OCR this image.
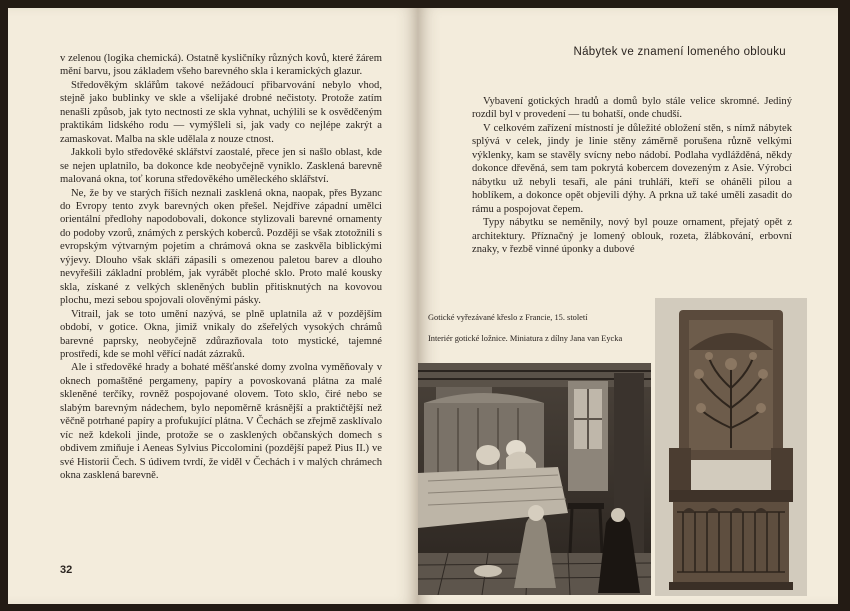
v zelenou (logika chemická). Ostatně kysličníky různých kovů, které žárem mění barvu, jsou základem všeho barevného skla i keramických glazur.

Středověkým sklářům takové nežádoucí přibarvování nebylo vhod, stejně jako bublinky ve skle a všelijaké drobné nečistoty. Protože zatím nenašli způsob, jak tyto nectnosti ze skla vyhnat, uchýlili se k osvědčeným praktikám lidského rodu — vymýšleli si, jak vady co nejlépe zakrýt a zamaskovat. Malba na skle udělala z nouze ctnost.

Jakkoli bylo středověké sklářství zaostalé, přece jen si našlo oblast, kde se nejen uplatnilo, ba dokonce kde neobyčejně vyniklo. Zasklená barevně malovaná okna, toť koruna středověkého uměleckého sklářství.

Ne, že by ve starých říších neznali zasklená okna, naopak, přes Byzanc do Evropy tento zvyk barevných oken přešel. Nejdříve západní umělci orientální předlohy napodobovali, dokonce stylizovali barevné ornamenty do podoby vzorů, známých z perských koberců. Později se však ztotožnili s evropským výtvarným pojetím a chrámová okna se zaskvěla biblickými výjevy. Dlouho však skláři zápasili s omezenou paletou barev a dlouho nevyřešili základní problém, jak vyrábět ploché sklo. Proto malé kousky skla, získané z velkých skleněných bublin přitisknutých na kovovou plochu, mezi sebou spojovali olověnými pásky.

Vitrail, jak se toto umění nazývá, se plně uplatnila až v pozdějším období, v gotice. Okna, jimiž vnikaly do zšeřelých vysokých chrámů barevné paprsky, neobyčejně zdůrazňovala toto mystické, tajemné prostředí, kde se mohl věřící nadát zázraků.

Ale i středověké hrady a bohaté měšťanské domy zvolna vyměňovaly v oknech pomaštěné pergameny, papíry a povoskovaná plátna za malé skleněné terčíky, rovněž pospojované olovem. Toto sklo, čiré nebo se slabým barevným nádechem, bylo nepoměrně krásnější a praktičtější než věčně potrhané papíry a profukující plátna. V Čechách se zřejmě zasklívalo víc než kdekoli jinde, protože se o zasklených občanských domech s obdivem zmiňuje i Aeneas Sylvius Piccolomini (pozdější papež Pius II.) ve své Historii Čech. S údivem tvrdí, že viděl v Čechách i v malých chrámech okna zasklená barevně.

32
Nábytek ve znamení lomeného oblouku

Vybavení gotických hradů a domů bylo stále velice skromné. Jediný rozdíl byl v provedení — tu bohatší, onde chudší.

V celkovém zařízení místností je důležité obložení stěn, s nímž nábytek splývá v celek, jindy je linie stěny záměrně porušena různě velkými výklenky, kam se stavěly svícny nebo nádobí. Podlaha vydlážděná, někdy dokonce dřevěná, sem tam pokrytá kobercem dovezeným z Asie. Výrobci nábytku už nebyli tesaři, ale páni truhláři, kteří se oháněli pilou a hoblíkem, a dokonce opět objevili dýhy. A prkna už také uměli zasadit do rámu a pospojovat čepem.

Typy nábytku se neměnily, nový byl pouze ornament, přejatý opět z architektury. Příznačný je lomený oblouk, rozeta, žlábkování, erbovní znaky, v řezbě vinné úponky a dubové

Gotické vyřezávané křeslo z Francie, 15. století
Interiér gotické ložnice. Miniatura z dílny Jana van Eycka
